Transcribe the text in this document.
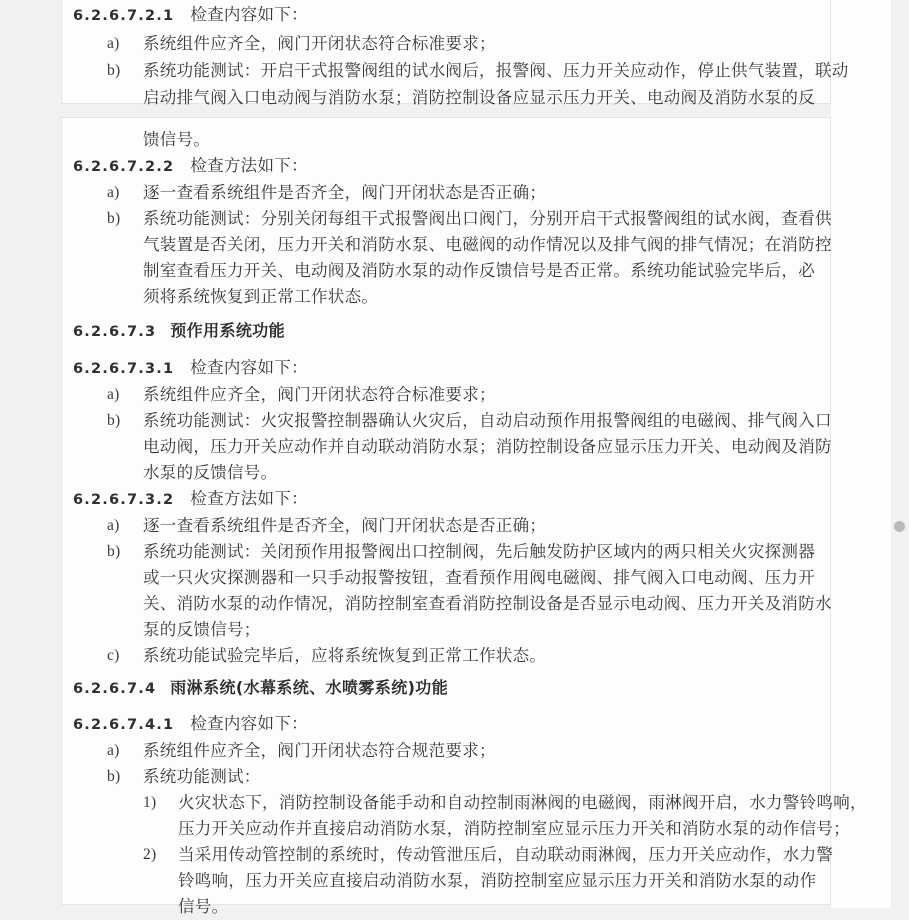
6.2.6.7.2.1 检查内容如下：
a) 系统组件应齐全，阀门开闭状态符合标准要求；
b) 系统功能测试：开启干式报警阀组的试水阀后，报警阀、压力开关应动作，停止供气装置，联动
启动排气阀入口电动阀与消防水泵；消防控制设备应显示压力开关、电动阀及消防水泵的反
馈信号。
6.2.6.7.2.2 检查方法如下：
a) 逐一查看系统组件是否齐全，阀门开闭状态是否正确；
b) 系统功能测试：分别关闭每组干式报警阀出口阀门，分别开启干式报警阀组的试水阀，查看供
气装置是否关闭，压力开关和消防水泵、电磁阀的动作情况以及排气阀的排气情况；在消防控
制室查看压力开关、电动阀及消防水泵的动作反馈信号是否正常。系统功能试验完毕后，必
须将系统恢复到正常工作状态。
6.2.6.7.3 预作用系统功能
6.2.6.7.3.1 检查内容如下：
a) 系统组件应齐全，阀门开闭状态符合标准要求；
b) 系统功能测试：火灾报警控制器确认火灾后，自动启动预作用报警阀组的电磁阀、排气阀入口
电动阀，压力开关应动作并自动联动消防水泵；消防控制设备应显示压力开关、电动阀及消防
水泵的反馈信号。
6.2.6.7.3.2 检查方法如下：
a) 逐一查看系统组件是否齐全，阀门开闭状态是否正确；
b) 系统功能测试：关闭预作用报警阀出口控制阀，先后触发防护区域内的两只相关火灾探测器
或一只火灾探测器和一只手动报警按钮，查看预作用阀电磁阀、排气阀入口电动阀、压力开
关、消防水泵的动作情况，消防控制室查看消防控制设备是否显示电动阀、压力开关及消防水
泵的反馈信号；
c) 系统功能试验完毕后，应将系统恢复到正常工作状态。
6.2.6.7.4 雨淋系统(水幕系统、水喷雾系统)功能
6.2.6.7.4.1 检查内容如下：
a) 系统组件应齐全，阀门开闭状态符合规范要求；
b) 系统功能测试：
1) 火灾状态下，消防控制设备能手动和自动控制雨淋阀的电磁阀，雨淋阀开启，水力警铃鸣响，
压力开关应动作并直接启动消防水泵，消防控制室应显示压力开关和消防水泵的动作信号；
2) 当采用传动管控制的系统时，传动管泄压后，自动联动雨淋阀，压力开关应动作，水力警
铃鸣响，压力开关应直接启动消防水泵，消防控制室应显示压力开关和消防水泵的动作
信号。
